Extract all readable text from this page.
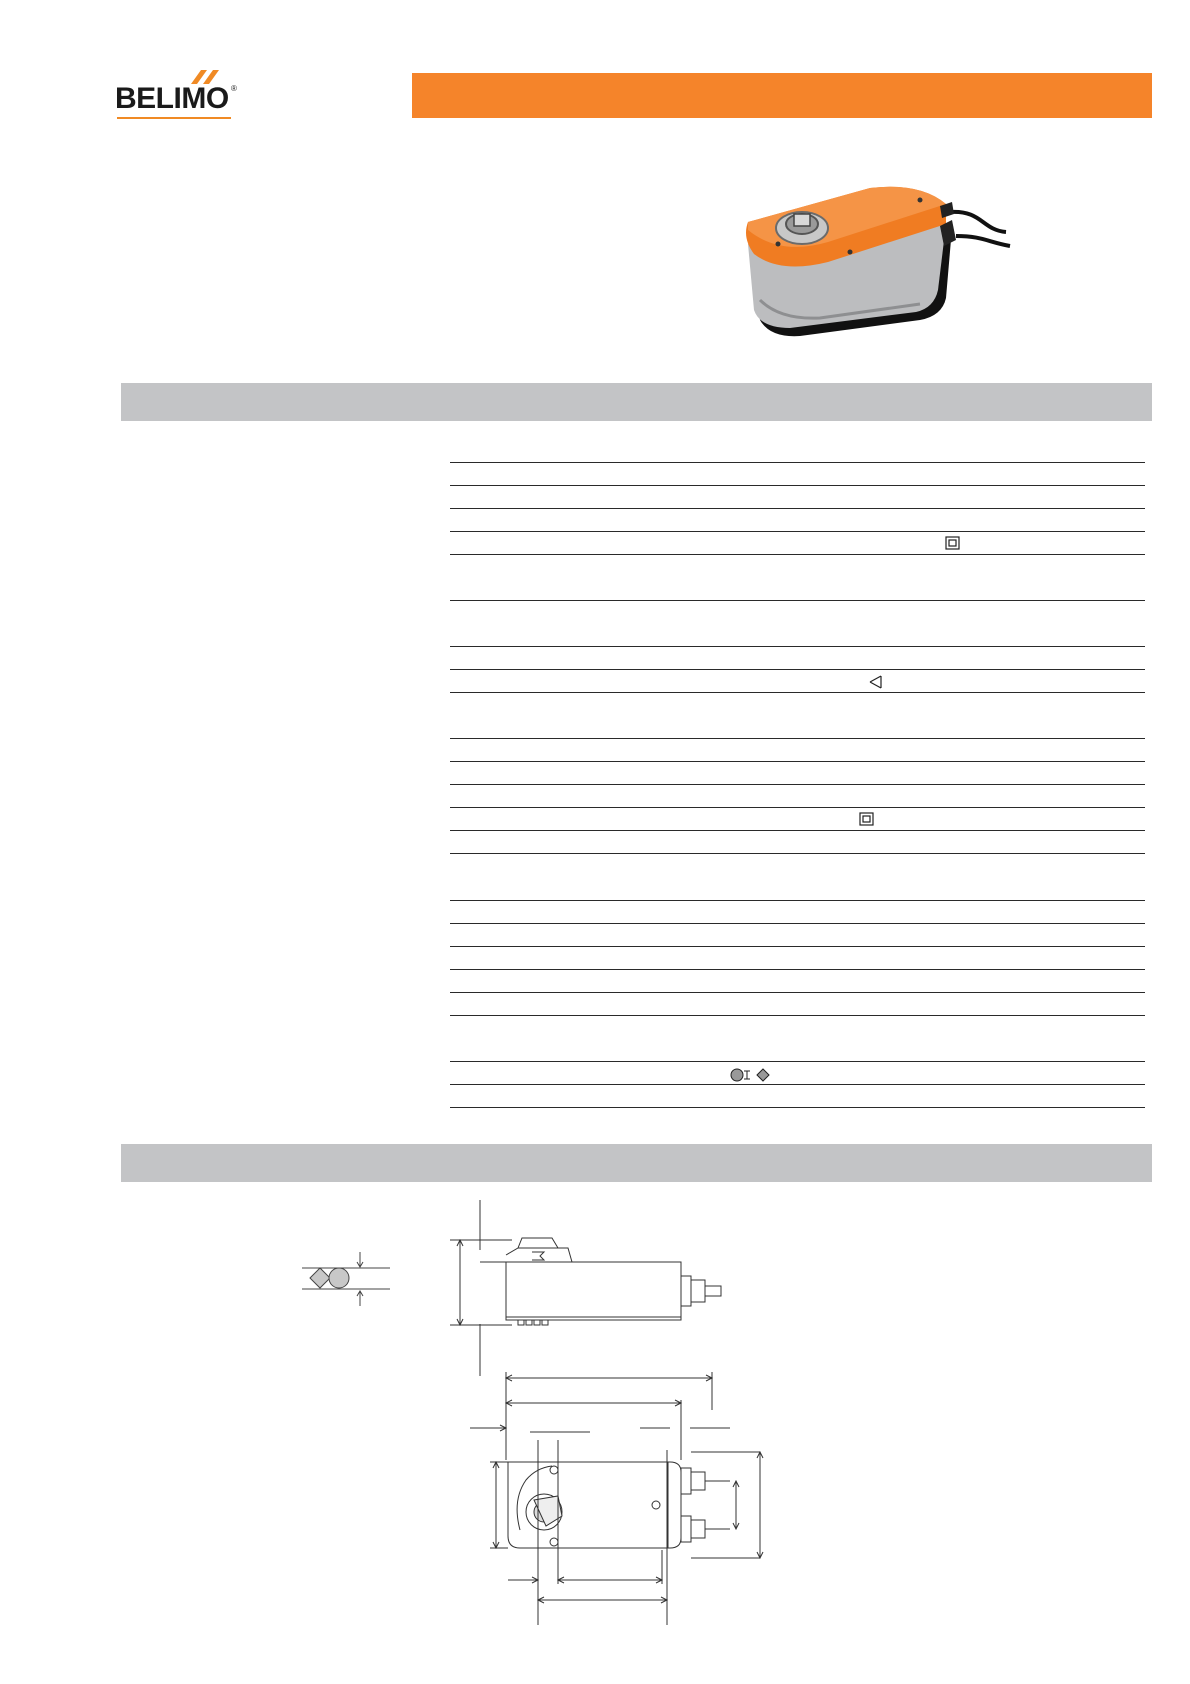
BELIMO ®
